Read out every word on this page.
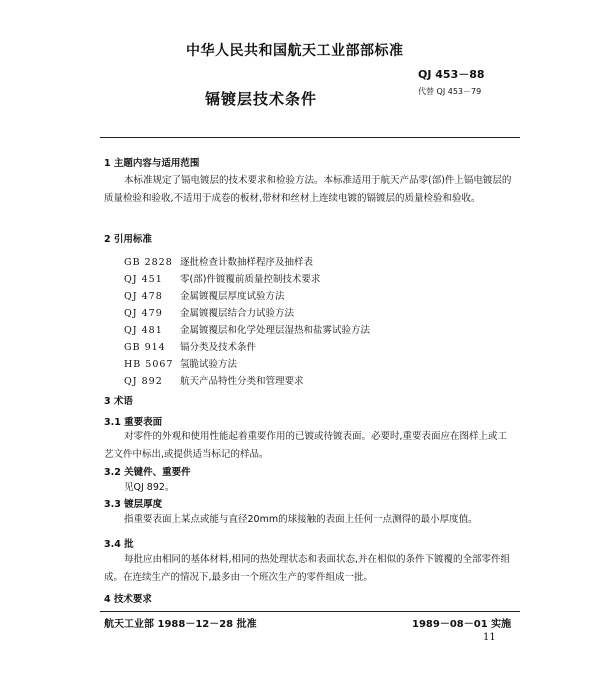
中华人民共和国航天工业部部标准
QJ 453－88
镉镀层技术条件	代替 QJ 453－79
1 主题内容与适用范围
本标准规定了镉电镀层的技术要求和检验方法。本标准适用于航天产品零(部)件上镉电镀层的质量检验和验收,不适用于成卷的板材,带材和丝材上连续电镀的镉镀层的质量检验和验收。
2 引用标准
GB 2828 逐批检查计数抽样程序及抽样表
QJ 451 零(部)件镀覆前质量控制技术要求
QJ 478 金属镀覆层厚度试验方法
QJ 479 金属镀覆层结合力试验方法
QJ 481 金属镀覆层和化学处理层湿热和盐雾试验方法
GB 914 镉分类及技术条件
HB 5067 氢脆试验方法
QJ 892 航天产品特性分类和管理要求
3 术语
3.1 重要表面
对零件的外观和使用性能起着重要作用的已镀或待镀表面。必要时,重要表面应在图样上或工艺文件中标出,或提供适当标记的样品。
3.2 关键件、重要件
见QJ 892。
3.3 镀层厚度
指重要表面上某点或能与直径20mm的球接触的表面上任何一点测得的最小厚度值。
3.4 批
每批应由相同的基体材料,相同的热处理状态和表面状态,并在相似的条件下镀覆的全部零件组成。在连续生产的情况下,最多由一个班次生产的零件组成一批。
4 技术要求
航天工业部 1988－12－28 批准	1989－08－01 实施
11
